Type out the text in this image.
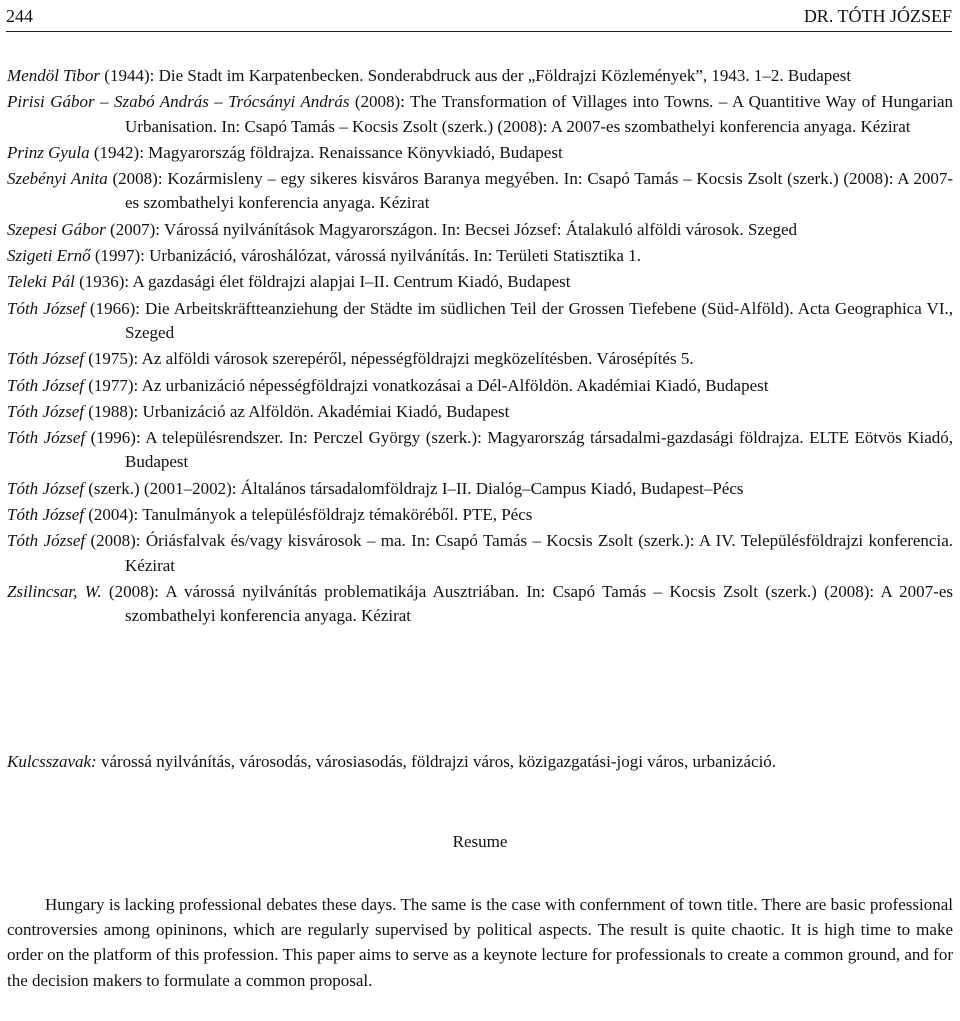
244	DR. TÓTH JÓZSEF

Mendöl Tibor (1944): Die Stadt im Karpatenbecken. Sonderabdruck aus der „Földrajzi Közlemények”, 1943. 1–2. Budapest

Pirisi Gábor – Szabó András – Trócsányi András (2008): The Transformation of Villages into Towns. – A Quantitive Way of Hungarian Urbanisation. In: Csapó Tamás – Kocsis Zsolt (szerk.) (2008): A 2007-es szombathelyi konferencia anyaga. Kézirat

Prinz Gyula (1942): Magyarország földrajza. Renaissance Könyvkiadó, Budapest

Szebényi Anita (2008): Kozármisleny – egy sikeres kisváros Baranya megyében. In: Csapó Tamás – Kocsis Zsolt (szerk.) (2008): A 2007-es szombathelyi konferencia anyaga. Kézirat

Szepesi Gábor (2007): Várossá nyilvánítások Magyarországon. In: Becsei József: Átalakuló alföldi városok. Szeged

Szigeti Ernő (1997): Urbanizáció, városhálózat, várossá nyilvánítás. In: Területi Statisztika 1.

Teleki Pál (1936): A gazdasági élet földrajzi alapjai I–II. Centrum Kiadó, Budapest

Tóth József (1966): Die Arbeitskräftteanziehung der Städte im südlichen Teil der Grossen Tiefebene (Süd-Alföld). Acta Geographica VI., Szeged

Tóth József (1975): Az alföldi városok szerepéről, népességföldrajzi megközelítésben. Városépítés 5.

Tóth József (1977): Az urbanizáció népességföldrajzi vonatkozásai a Dél-Alföldön. Akadémiai Kiadó, Budapest

Tóth József (1988): Urbanizáció az Alföldön. Akadémiai Kiadó, Budapest

Tóth József (1996): A településrendszer. In: Perczel György (szerk.): Magyarország társadalmi-gazdasági földrajza. ELTE Eötvös Kiadó, Budapest

Tóth József (szerk.) (2001–2002): Általános társadalomföldrajz I–II. Dialóg–Campus Kiadó, Budapest–Pécs

Tóth József (2004): Tanulmányok a településföldrajz témaköréből. PTE, Pécs

Tóth József (2008): Óriásfalvak és/vagy kisvárosok – ma. In: Csapó Tamás – Kocsis Zsolt (szerk.): A IV. Településföldrajzi konferencia. Kézirat

Zsilincsar, W. (2008): A várossá nyilvánítás problematikája Ausztriában. In: Csapó Tamás – Kocsis Zsolt (szerk.) (2008): A 2007-es szombathelyi konferencia anyaga. Kézirat

Kulcsszavak: várossá nyilvánítás, városodás, városiasodás, földrajzi város, közigazgatási-jogi város, urbanizáció.
Resume
Hungary is lacking professional debates these days. The same is the case with confernment of town title. There are basic professional controversies among opininons, which are regularly supervised by political aspects. The result is quite chaotic. It is high time to make order on the platform of this profession. This paper aims to serve as a keynote lecture for professionals to create a common ground, and for the decision makers to formulate a common proposal.
